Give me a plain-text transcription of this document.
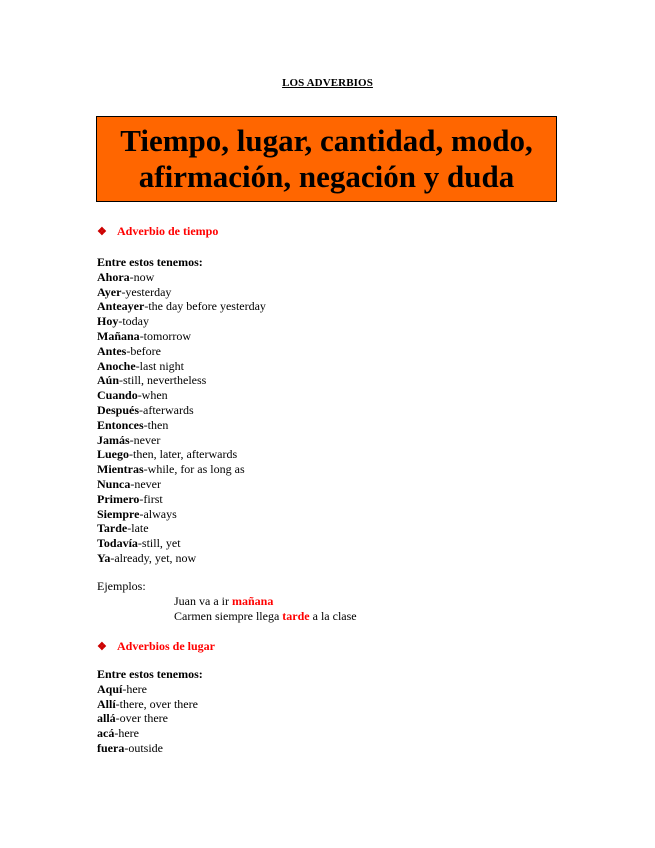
LOS ADVERBIOS
Tiempo, lugar, cantidad, modo,
afirmación, negación y duda
❖ Adverbio de tiempo
Entre estos tenemos:
Ahora-now
Ayer-yesterday
Anteayer-the day before yesterday
Hoy-today
Mañana-tomorrow
Antes-before
Anoche-last night
Aún-still, nevertheless
Cuando-when
Después-afterwards
Entonces-then
Jamás-never
Luego-then, later, afterwards
Mientras-while, for as long as
Nunca-never
Primero-first
Siempre-always
Tarde-late
Todavía-still, yet
Ya-already, yet, now
Ejemplos:
Juan va a ir mañana
Carmen siempre llega tarde a la clase
❖ Adverbios de lugar
Entre estos tenemos:
Aquí-here
Allí-there, over there
allá-over there
acá-here
fuera-outside
